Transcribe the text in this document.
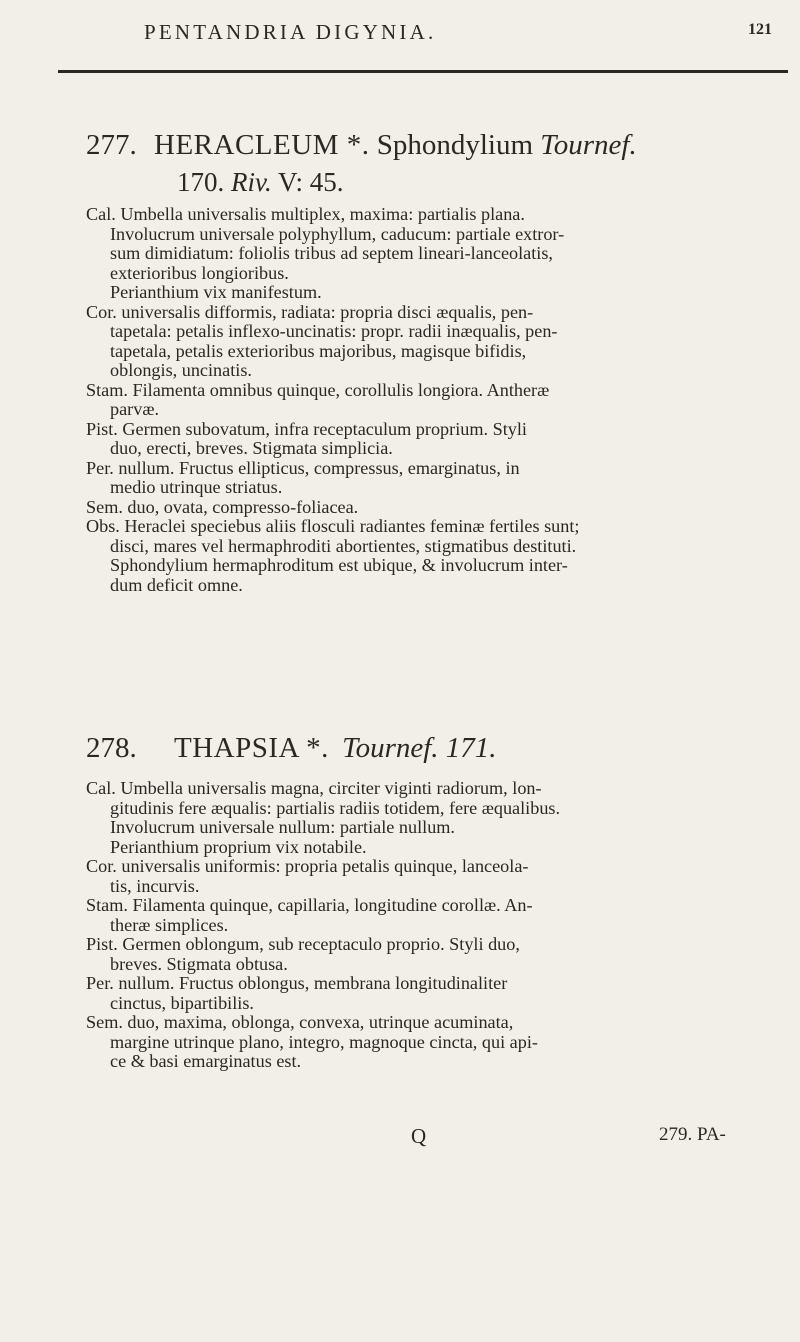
PENTANDRIA DIGYNIA.	121
277. HERACLEUM *. Sphondylium Tournef.
170. Riv. V: 45.
Cal. Umbella universalis multiplex, maxima: partialis plana.
Involucrum universale polyphyllum, caducum: partiale extror-
sum dimidiatum: foliolis tribus ad septem lineari-lanceolatis,
exterioribus longioribus.
Perianthium vix manifestum.
Cor. universalis difformis, radiata: propria disci æqualis, pen-
tapetala: petalis inflexo-uncinatis: propr. radii inæqualis, pen-
tapetala, petalis exterioribus majoribus, magisque bifidis,
oblongis, uncinatis.
Stam. Filamenta omnibus quinque, corollulis longiora. Antheræ
parvæ.
Pist. Germen subovatum, infra receptaculum proprium. Styli
duo, erecti, breves. Stigmata simplicia.
Per. nullum. Fructus ellipticus, compressus, emarginatus, in
medio utrinque striatus.
Sem. duo, ovata, compresso-foliacea.
Obs. Heraclei speciebus aliis flosculi radiantes feminæ fertiles sunt;
disci, mares vel hermaphroditi abortientes, stigmatibus destituti.
Sphondylium hermaphroditum est ubique, & involucrum inter-
dum deficit omne.
278. THAPSIA *. Tournef. 171.
Cal. Umbella universalis magna, circiter viginti radiorum, lon-
gitudinis fere æqualis: partialis radiis totidem, fere æqualibus.
Involucrum universale nullum: partiale nullum.
Perianthium proprium vix notabile.
Cor. universalis uniformis: propria petalis quinque, lanceola-
tis, incurvis.
Stam. Filamenta quinque, capillaria, longitudine corollæ. An-
theræ simplices.
Pist. Germen oblongum, sub receptaculo proprio. Styli duo,
breves. Stigmata obtusa.
Per. nullum. Fructus oblongus, membrana longitudinaliter
cinctus, bipartibilis.
Sem. duo, maxima, oblonga, convexa, utrinque acuminata,
margine utrinque plano, integro, magnoque cincta, qui api-
ce & basi emarginatus est.
Q	279. PA-
